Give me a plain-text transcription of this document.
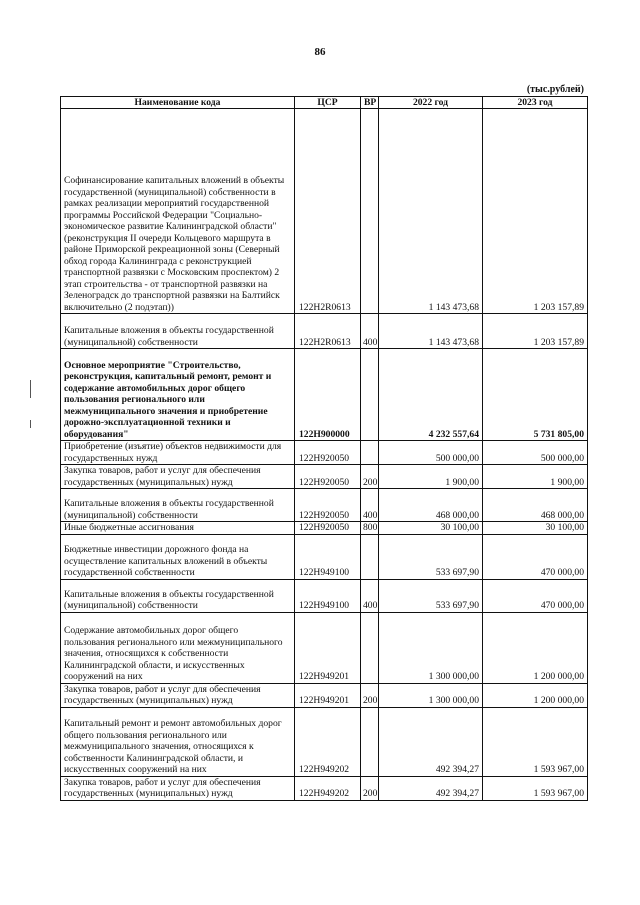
86
(тыс.рублей)
Наименование кода	ЦСР	ВР	2022 год	2023 год
Софинансирование капитальных вложений в объекты государственной (муниципальной) собственности в рамках реализации мероприятий государственной программы Российской Федерации "Социально-экономическое развитие Калининградской области"(реконструкция II очереди Кольцевого маршрута в районе Приморской рекреационной зоны (Северный обход города Калининграда с реконструкцией транспортной развязки с Московским проспектом) 2 этап строительства - от транспортной развязки на Зеленоградск до транспортной развязки на Балтийск включительно (2 подэтап))	122H2R0613		1 143 473,68	1 203 157,89
Капитальные вложения в объекты государственной (муниципальной) собственности	122H2R0613	400	1 143 473,68	1 203 157,89
Основное мероприятие "Строительство, реконструкция, капитальный ремонт, ремонт и содержание автомобильных дорог общего пользования регионального или межмуниципального значения и приобретение дорожно-эксплуатационной техники и оборудования"	122H900000		4 232 557,64	5 731 805,00
Приобретение (изъятие) объектов недвижимости для государственных нужд	122H920050		500 000,00	500 000,00
Закупка товаров, работ и услуг для обеспечения государственных (муниципальных) нужд	122H920050	200	1 900,00	1 900,00
Капитальные вложения в объекты государственной (муниципальной) собственности	122H920050	400	468 000,00	468 000,00
Иные бюджетные ассигнования	122H920050	800	30 100,00	30 100,00
Бюджетные инвестиции дорожного фонда на осуществление капитальных вложений в объекты государственной собственности	122H949100		533 697,90	470 000,00
Капитальные вложения в объекты государственной (муниципальной) собственности	122H949100	400	533 697,90	470 000,00
Содержание автомобильных дорог общего пользования регионального или межмуниципального значения, относящихся к собственности Калининградской области, и искусственных сооружений на них	122H949201		1 300 000,00	1 200 000,00
Закупка товаров, работ и услуг для обеспечения государственных (муниципальных) нужд	122H949201	200	1 300 000,00	1 200 000,00
Капитальный ремонт и ремонт автомобильных дорог общего пользования регионального или межмуниципального значения, относящихся к собственности Калининградской области, и искусственных сооружений на них	122H949202		492 394,27	1 593 967,00
Закупка товаров, работ и услуг для обеспечения государственных (муниципальных) нужд	122H949202	200	492 394,27	1 593 967,00
